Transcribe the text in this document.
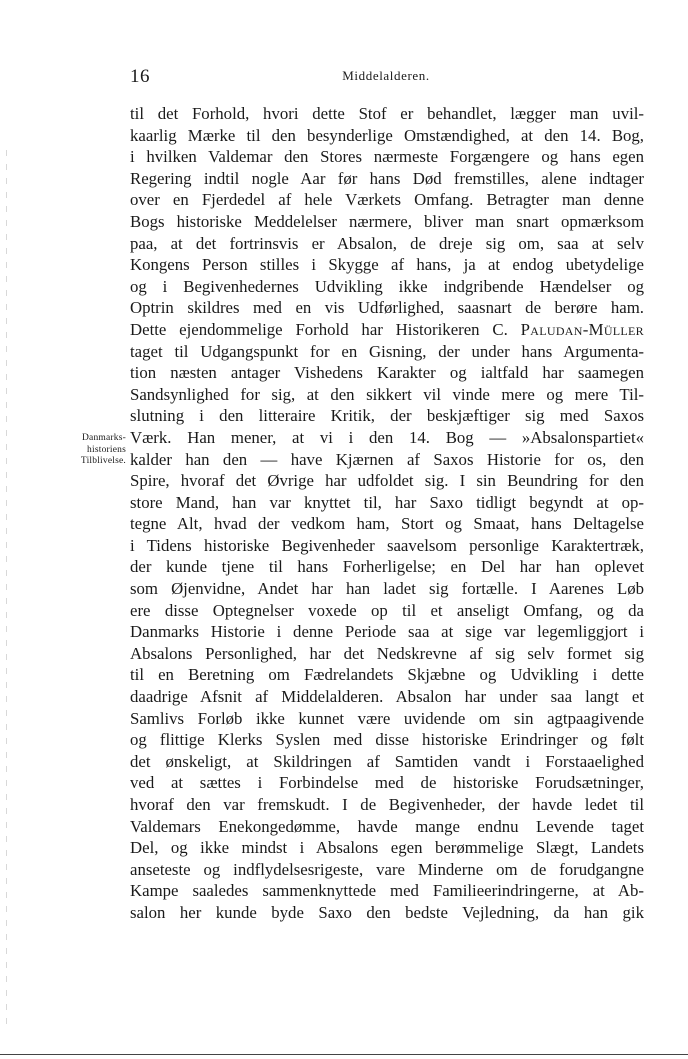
16	Middelalderen.
Danmarks-
historiens
Tilblivelse.
til det Forhold, hvori dette Stof er behandlet, lægger man uvil-
kaarlig Mærke til den besynderlige Omstændighed, at den 14. Bog,
i hvilken Valdemar den Stores nærmeste Forgængere og hans egen
Regering indtil nogle Aar før hans Død fremstilles, alene indtager
over en Fjerdedel af hele Værkets Omfang. Betragter man denne
Bogs historiske Meddelelser nærmere, bliver man snart opmærksom
paa, at det fortrinsvis er Absalon, de dreje sig om, saa at selv
Kongens Person stilles i Skygge af hans, ja at endog ubetydelige
og i Begivenhedernes Udvikling ikke indgribende Hændelser og
Optrin skildres med en vis Udførlighed, saasnart de berøre ham.
Dette ejendommelige Forhold har Historikeren C. Paludan-Müller
taget til Udgangspunkt for en Gisning, der under hans Argumenta-
tion næsten antager Vishedens Karakter og ialtfald har saamegen
Sandsynlighed for sig, at den sikkert vil vinde mere og mere Til-
slutning i den litteraire Kritik, der beskjæftiger sig med Saxos
Værk. Han mener, at vi i den 14. Bog — »Absalonspartiet«
kalder han den — have Kjærnen af Saxos Historie for os, den
Spire, hvoraf det Øvrige har udfoldet sig. I sin Beundring for den
store Mand, han var knyttet til, har Saxo tidligt begyndt at op-
tegne Alt, hvad der vedkom ham, Stort og Smaat, hans Deltagelse
i Tidens historiske Begivenheder saavelsom personlige Karaktertræk,
der kunde tjene til hans Forherligelse; en Del har han oplevet
som Øjenvidne, Andet har han ladet sig fortælle. I Aarenes Løb
ere disse Optegnelser voxede op til et anseligt Omfang, og da
Danmarks Historie i denne Periode saa at sige var legemliggjort i
Absalons Personlighed, har det Nedskrevne af sig selv formet sig
til en Beretning om Fædrelandets Skjæbne og Udvikling i dette
daadrige Afsnit af Middelalderen. Absalon har under saa langt et
Samlivs Forløb ikke kunnet være uvidende om sin agtpaagivende
og flittige Klerks Syslen med disse historiske Erindringer og følt
det ønskeligt, at Skildringen af Samtiden vandt i Forstaaelighed
ved at sættes i Forbindelse med de historiske Forudsætninger,
hvoraf den var fremskudt. I de Begivenheder, der havde ledet til
Valdemars Enekongedømme, havde mange endnu Levende taget
Del, og ikke mindst i Absalons egen berømmelige Slægt, Landets
anseteste og indflydelsesrigeste, vare Minderne om de forudgangne
Kampe saaledes sammenknyttede med Familieerindringerne, at Ab-
salon her kunde byde Saxo den bedste Vejledning, da han gik
